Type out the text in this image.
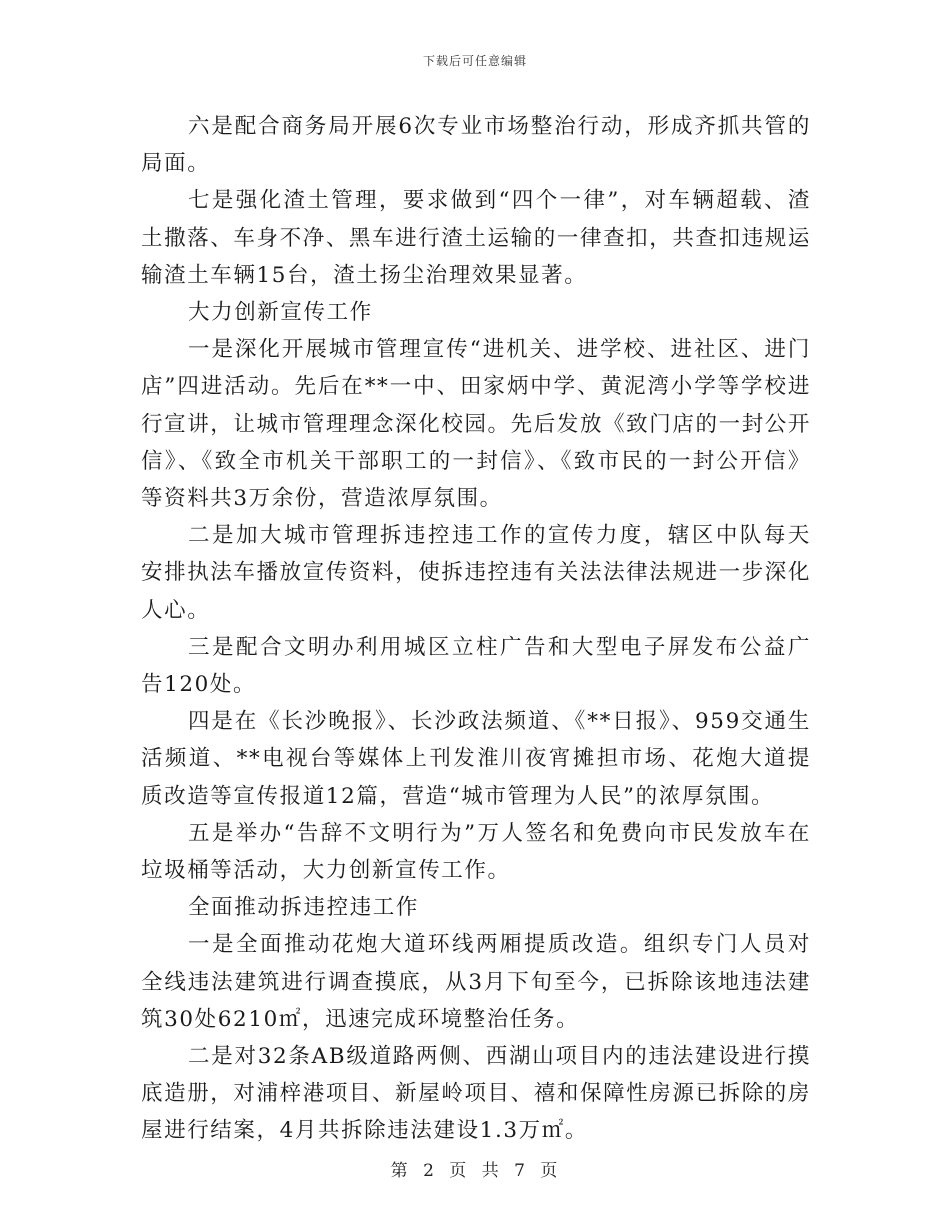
下载后可任意编辑

六是配合商务局开展6次专业市场整治行动，形成齐抓共管的局面。

七是强化渣土管理，要求做到“四个一律”，对车辆超载、渣土撒落、车身不净、黑车进行渣土运输的一律查扣，共查扣违规运输渣土车辆15台，渣土扬尘治理效果显著。

大力创新宣传工作

一是深化开展城市管理宣传“进机关、进学校、进社区、进门店”四进活动。先后在**一中、田家炳中学、黄泥湾小学等学校进行宣讲，让城市管理理念深化校园。先后发放《致门店的一封公开信》、《致全市机关干部职工的一封信》、《致市民的一封公开信》等资料共3万余份，营造浓厚氛围。

二是加大城市管理拆违控违工作的宣传力度，辖区中队每天安排执法车播放宣传资料，使拆违控违有关法法律法规进一步深化人心。

三是配合文明办利用城区立柱广告和大型电子屏发布公益广告120处。

四是在《长沙晚报》、长沙政法频道、《**日报》、959交通生活频道、**电视台等媒体上刊发淮川夜宵摊担市场、花炮大道提质改造等宣传报道12篇，营造“城市管理为人民”的浓厚氛围。

五是举办“告辞不文明行为”万人签名和免费向市民发放车在垃圾桶等活动，大力创新宣传工作。

全面推动拆违控违工作

一是全面推动花炮大道环线两厢提质改造。组织专门人员对全线违法建筑进行调查摸底，从3月下旬至今，已拆除该地违法建筑30处6210㎡，迅速完成环境整治任务。

二是对32条AB级道路两侧、西湖山项目内的违法建设进行摸底造册，对浦梓港项目、新屋岭项目、禧和保障性房源已拆除的房屋进行结案，4月共拆除违法建设1.3万㎡。

第 2 页 共 7 页
